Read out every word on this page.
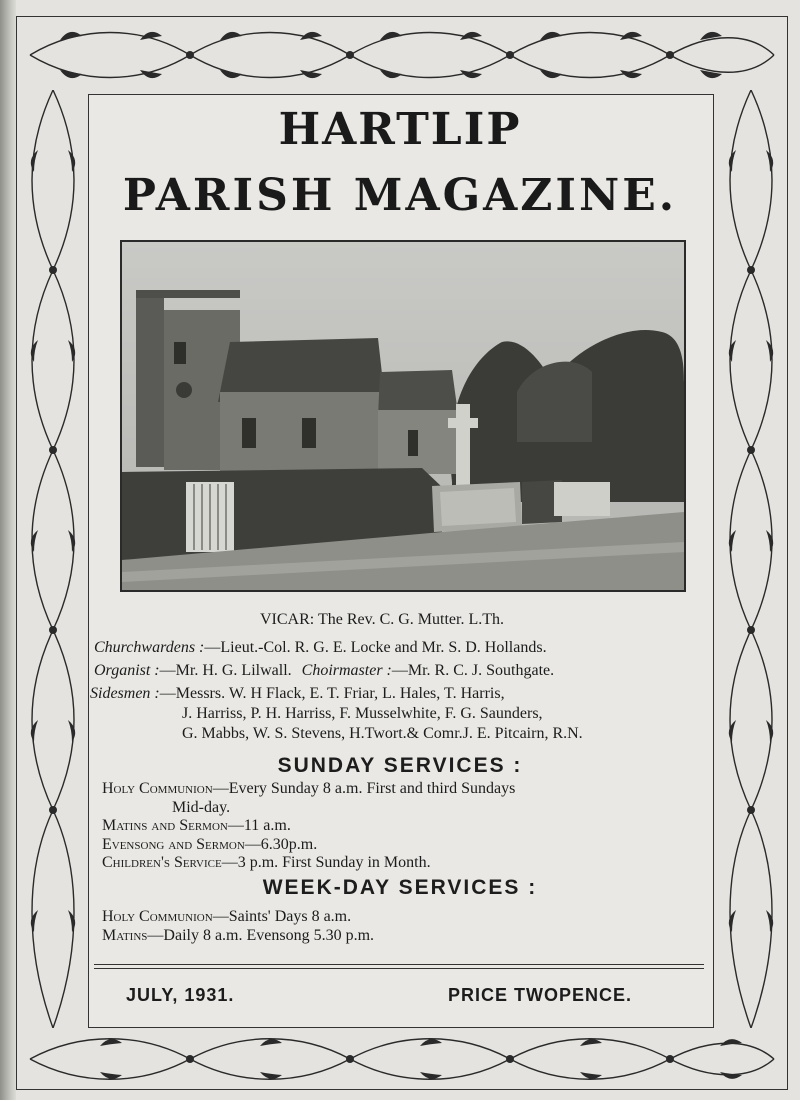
HARTLIP
PARISH MAGAZINE.
VICAR: The Rev. C. G. Mutter. L.Th.
Churchwardens :—Lieut.-Col. R. G. E. Locke and Mr. S. D. Hollands.
Organist :—Mr. H. G. Lilwall. Choirmaster :—Mr. R. C. J. Southgate.
Sidesmen :—Messrs. W. H Flack, E. T. Friar, L. Hales, T. Harris,
J. Harriss, P. H. Harriss, F. Musselwhite, F. G. Saunders,
G. Mabbs, W. S. Stevens, H.Twort.& Comr.J. E. Pitcairn, R.N.
SUNDAY SERVICES :
Holy Communion—Every Sunday 8 a.m. First and third Sundays
Mid-day.
Matins and Sermon—11 a.m.
Evensong and Sermon—6.30p.m.
Children's Service—3 p.m. First Sunday in Month.
WEEK-DAY SERVICES :
Holy Communion—Saints' Days 8 a.m.
Matins—Daily 8 a.m. Evensong 5.30 p.m.
JULY, 1931.	PRICE TWOPENCE.
